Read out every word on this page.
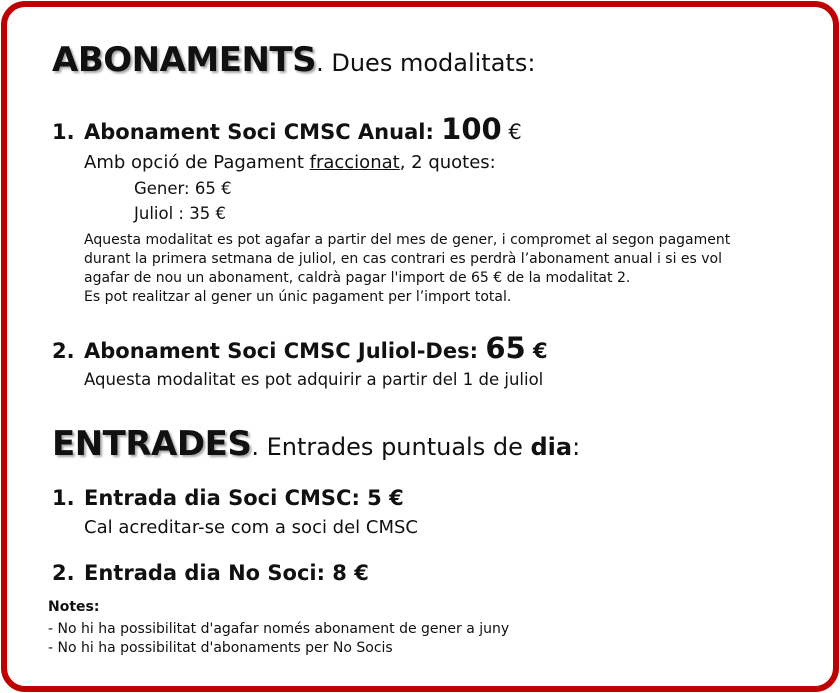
ABONAMENTS. Dues modalitats:
1. Abonament Soci CMSC Anual: 100 €
Amb opció de Pagament fraccionat, 2 quotes:
Gener: 65 €
Juliol : 35 €
Aquesta modalitat es pot agafar a partir del mes de gener, i compromet al segon pagament
durant la primera setmana de juliol, en cas contrari es perdrà l’abonament anual i si es vol
agafar de nou un abonament, caldrà pagar l'import de 65 € de la modalitat 2.
Es pot realitzar al gener un únic pagament per l’import total.
2. Abonament Soci CMSC Juliol-Des: 65 €
Aquesta modalitat es pot adquirir a partir del 1 de juliol
ENTRADES. Entrades puntuals de dia:
1. Entrada dia Soci CMSC: 5 €
Cal acreditar-se com a soci del CMSC
2. Entrada dia No Soci: 8 €
Notes:
- No hi ha possibilitat d'agafar només abonament de gener a juny
- No hi ha possibilitat d'abonaments per No Socis
